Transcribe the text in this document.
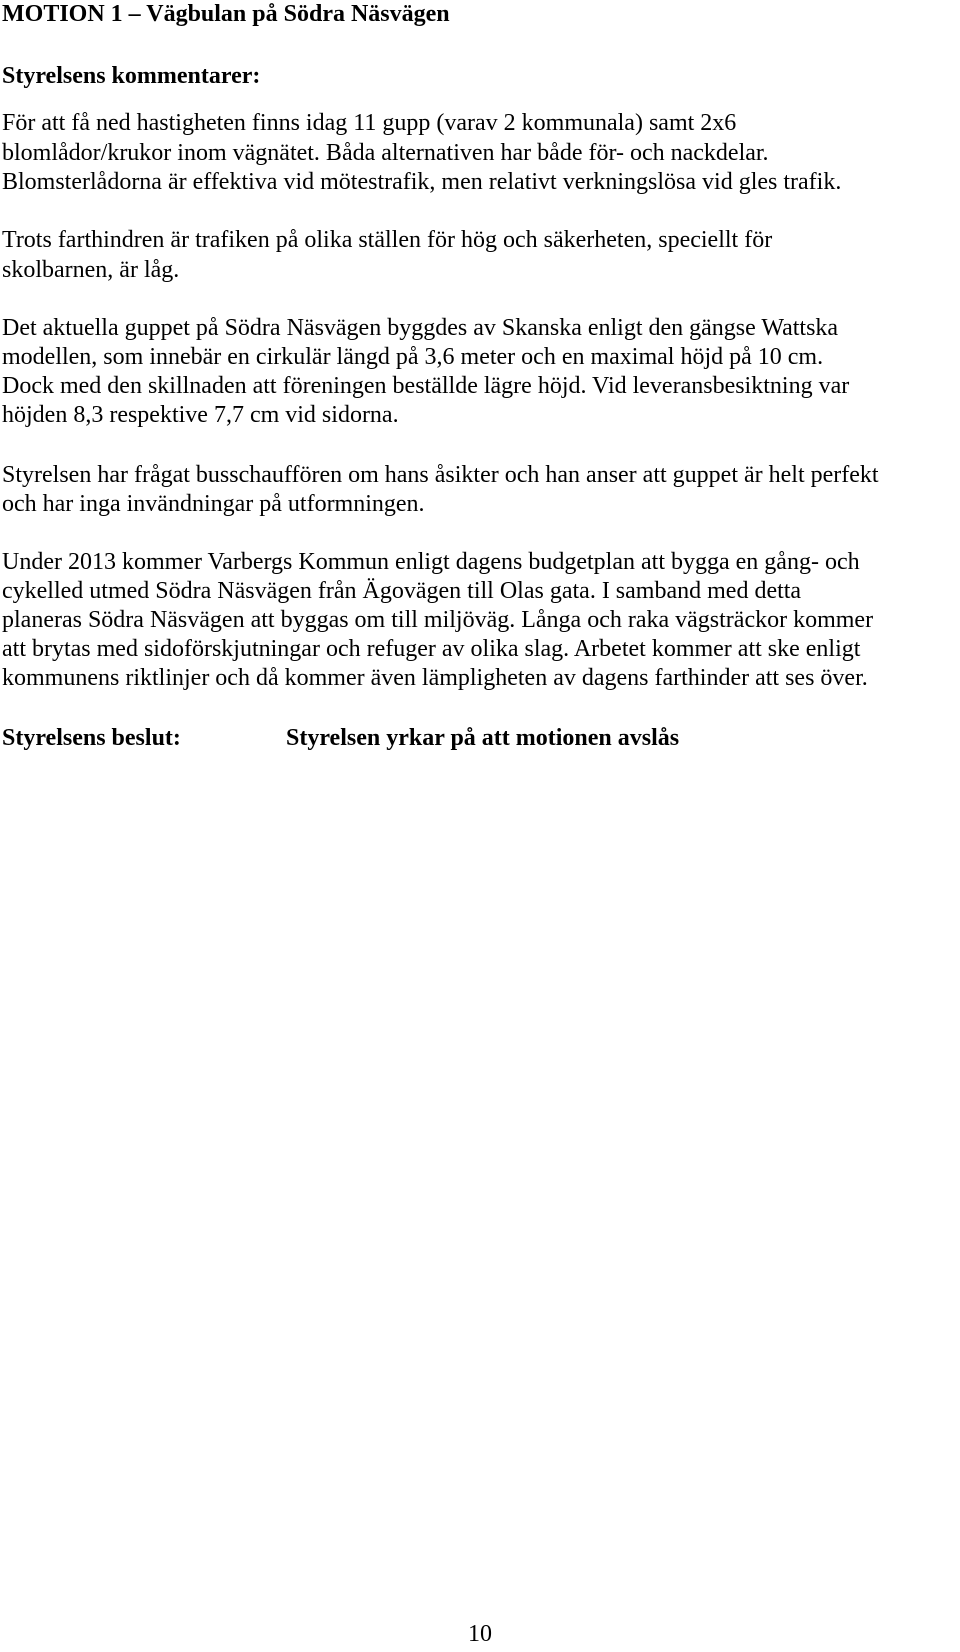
MOTION 1 – Vägbulan på Södra Näsvägen
Styrelsens kommentarer:
För att få ned hastigheten finns idag 11 gupp (varav 2 kommunala) samt 2x6
blomlådor/krukor inom vägnätet. Båda alternativen har både för- och nackdelar.
Blomsterlådorna är effektiva vid mötestrafik, men relativt verkningslösa vid gles trafik.
Trots farthindren är trafiken på olika ställen för hög och säkerheten, speciellt för
skolbarnen, är låg.
Det aktuella guppet på Södra Näsvägen byggdes av Skanska enligt den gängse Wattska
modellen, som innebär en cirkulär längd på 3,6 meter och en maximal höjd på 10 cm.
Dock med den skillnaden att föreningen beställde lägre höjd. Vid leveransbesiktning var
höjden 8,3 respektive 7,7 cm vid sidorna.
Styrelsen har frågat busschauffören om hans åsikter och han anser att guppet är helt perfekt
och har inga invändningar på utformningen.
Under 2013 kommer Varbergs Kommun enligt dagens budgetplan att bygga en gång- och
cykelled utmed Södra Näsvägen från Ägovägen till Olas gata. I samband med detta
planeras Södra Näsvägen att byggas om till miljöväg. Långa och raka vägsträckor kommer
att brytas med sidoförskjutningar och refuger av olika slag. Arbetet kommer att ske enligt
kommunens riktlinjer och då kommer även lämpligheten av dagens farthinder att ses över.
Styrelsens beslut:	Styrelsen yrkar på att motionen avslås
10
